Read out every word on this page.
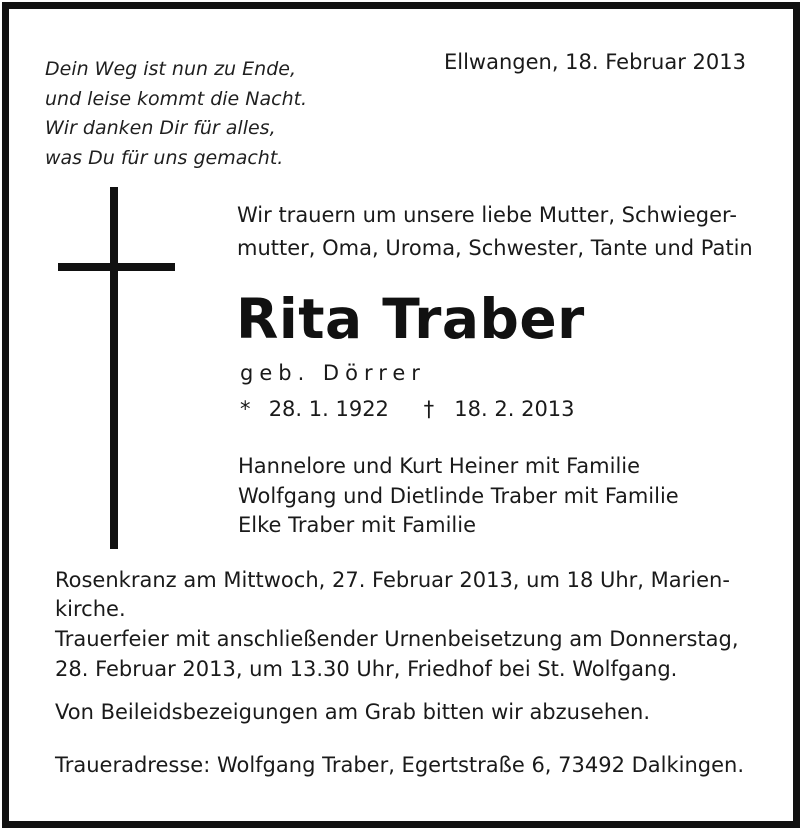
Dein Weg ist nun zu Ende,
und leise kommt die Nacht.
Wir danken Dir für alles,
was Du für uns gemacht.
Ellwangen, 18. Februar 2013
Wir trauern um unsere liebe Mutter, Schwieger-
mutter, Oma, Uroma, Schwester, Tante und Patin
Rita Traber
geb. Dörrer
* 28. 1. 1922 † 18. 2. 2013
Hannelore und Kurt Heiner mit Familie
Wolfgang und Dietlinde Traber mit Familie
Elke Traber mit Familie
Rosenkranz am Mittwoch, 27. Februar 2013, um 18 Uhr, Marien-
kirche.
Trauerfeier mit anschließender Urnenbeisetzung am Donnerstag,
28. Februar 2013, um 13.30 Uhr, Friedhof bei St. Wolfgang.
Von Beileidsbezeigungen am Grab bitten wir abzusehen.
Traueradresse: Wolfgang Traber, Egertstraße 6, 73492 Dalkingen.
